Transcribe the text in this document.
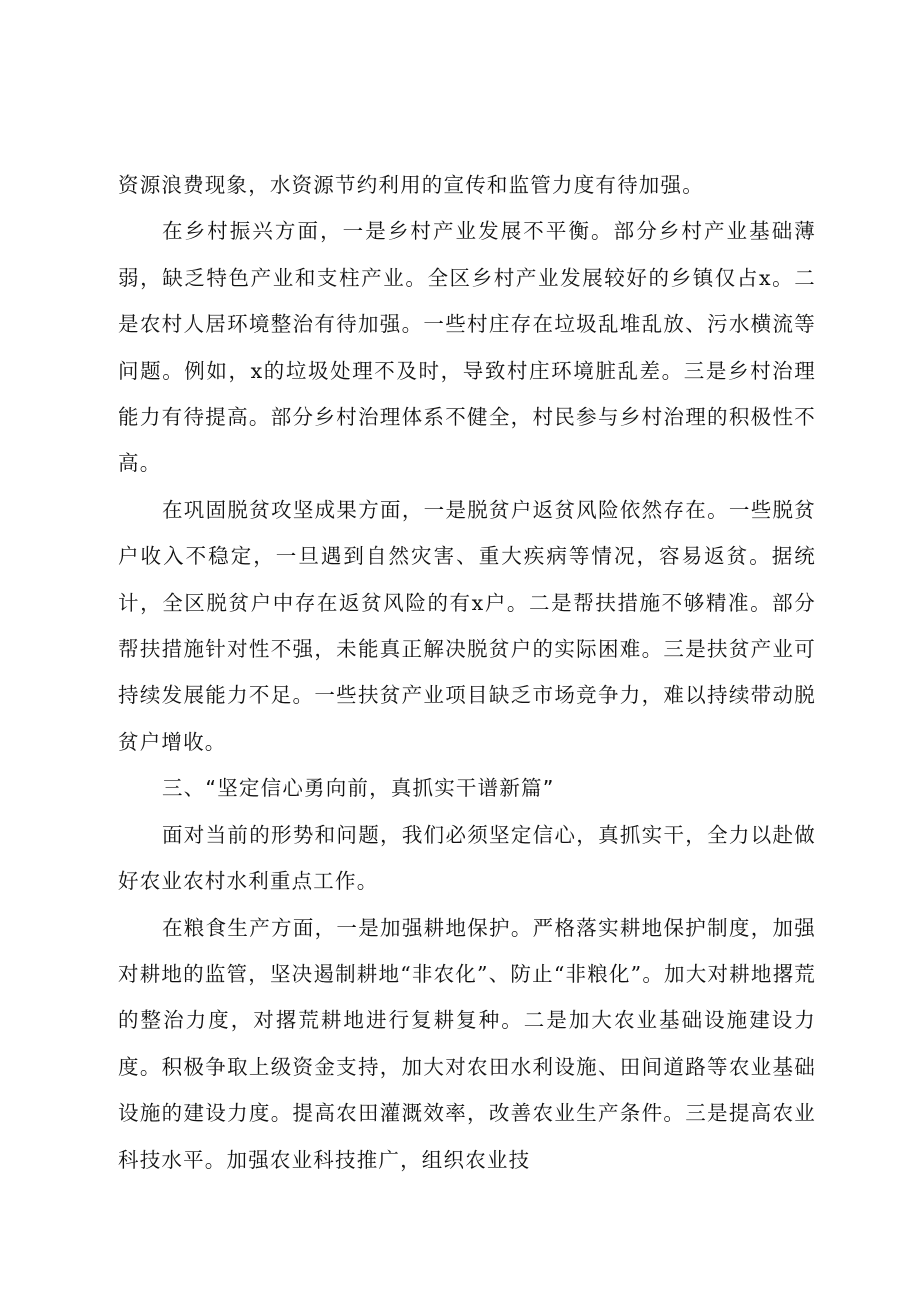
资源浪费现象，水资源节约利用的宣传和监管力度有待加强。

在乡村振兴方面，一是乡村产业发展不平衡。部分乡村产业基础薄弱，缺乏特色产业和支柱产业。全区乡村产业发展较好的乡镇仅占x。二是农村人居环境整治有待加强。一些村庄存在垃圾乱堆乱放、污水横流等问题。例如，x的垃圾处理不及时，导致村庄环境脏乱差。三是乡村治理能力有待提高。部分乡村治理体系不健全，村民参与乡村治理的积极性不高。

在巩固脱贫攻坚成果方面，一是脱贫户返贫风险依然存在。一些脱贫户收入不稳定，一旦遇到自然灾害、重大疾病等情况，容易返贫。据统计，全区脱贫户中存在返贫风险的有x户。二是帮扶措施不够精准。部分帮扶措施针对性不强，未能真正解决脱贫户的实际困难。三是扶贫产业可持续发展能力不足。一些扶贫产业项目缺乏市场竞争力，难以持续带动脱贫户增收。

三、“坚定信心勇向前，真抓实干谱新篇”

面对当前的形势和问题，我们必须坚定信心，真抓实干，全力以赴做好农业农村水利重点工作。

在粮食生产方面，一是加强耕地保护。严格落实耕地保护制度，加强对耕地的监管，坚决遏制耕地“非农化”、防止“非粮化”。加大对耕地撂荒的整治力度，对撂荒耕地进行复耕复种。二是加大农业基础设施建设力度。积极争取上级资金支持，加大对农田水利设施、田间道路等农业基础设施的建设力度。提高农田灌溉效率，改善农业生产条件。三是提高农业科技水平。加强农业科技推广，组织农业技
